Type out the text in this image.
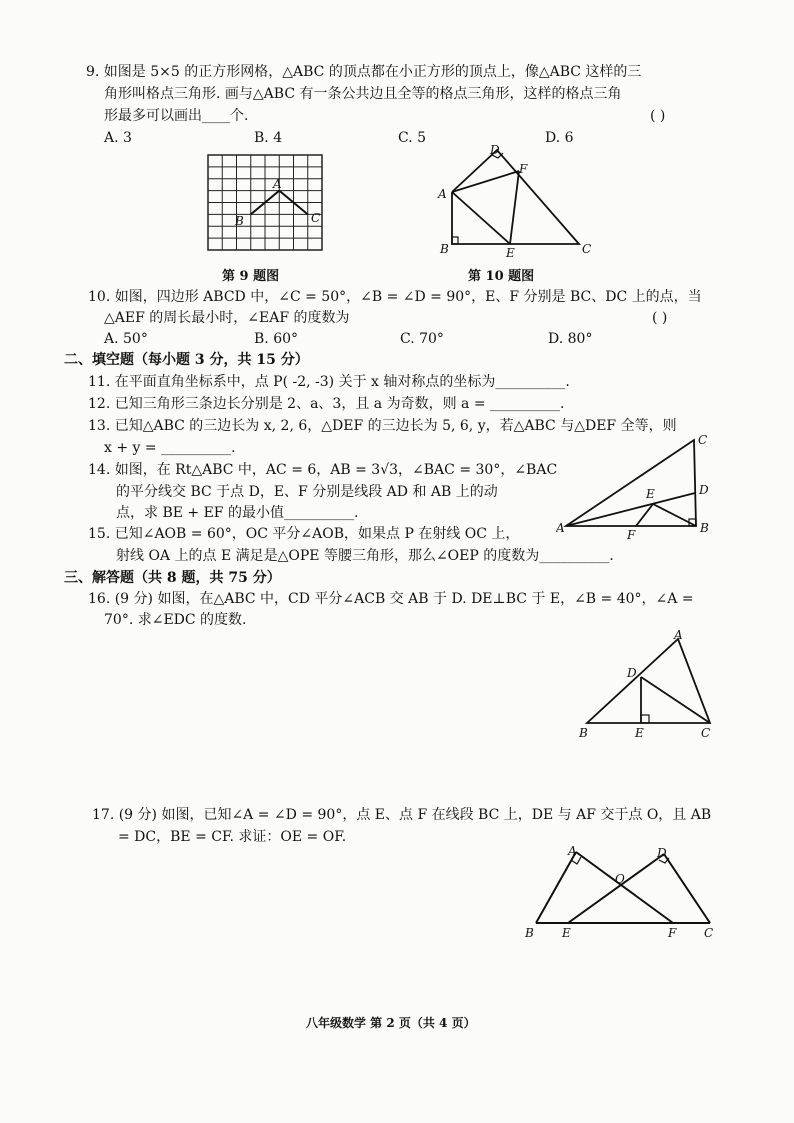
9. 如图是 5×5 的正方形网格，△ABC 的顶点都在小正方形的顶点上，像△ABC 这样的三
角形叫格点三角形. 画与△ABC 有一条公共边且全等的格点三角形，这样的格点三角
形最多可以画出____个.	( )
A. 3	B. 4	C. 5	D. 6
A
B	C
第 9 题图
D
F
A
B	E	C
第 10 题图
10. 如图，四边形 ABCD 中，∠C = 50°，∠B = ∠D = 90°，E、F 分别是 BC、DC 上的点，当
△AEF 的周长最小时，∠EAF 的度数为	( )
A. 50°	B. 60°	C. 70°	D. 80°
二、填空题（每小题 3 分，共 15 分）
11. 在平面直角坐标系中，点 P( -2, -3) 关于 x 轴对称点的坐标为__________.
12. 已知三角形三条边长分别是 2、a、3，且 a 为奇数，则 a = __________.
13. 已知△ABC 的三边长为 x, 2, 6，△DEF 的三边长为 5, 6, y，若△ABC 与△DEF 全等，则
x + y = __________.
14. 如图，在 Rt△ABC 中，AC = 6，AB = 3√3，∠BAC = 30°，∠BAC
的平分线交 BC 于点 D，E、F 分别是线段 AD 和 AB 上的动
点，求 BE + EF 的最小值__________.
C
D
E
A	F	B
15. 已知∠AOB = 60°，OC 平分∠AOB，如果点 P 在射线 OC 上，
射线 OA 上的点 E 满足是△OPE 等腰三角形，那么∠OEP 的度数为__________.
三、解答题（共 8 题，共 75 分）
16. (9 分) 如图，在△ABC 中，CD 平分∠ACB 交 AB 于 D. DE⊥BC 于 E，∠B = 40°，∠A =
70°. 求∠EDC 的度数.
A
D
B	E	C
17. (9 分) 如图，已知∠A = ∠D = 90°，点 E、点 F 在线段 BC 上，DE 与 AF 交于点 O，且 AB
= DC，BE = CF. 求证：OE = OF.
A	D
O
B E	F C
八年级数学 第 2 页（共 4 页）
